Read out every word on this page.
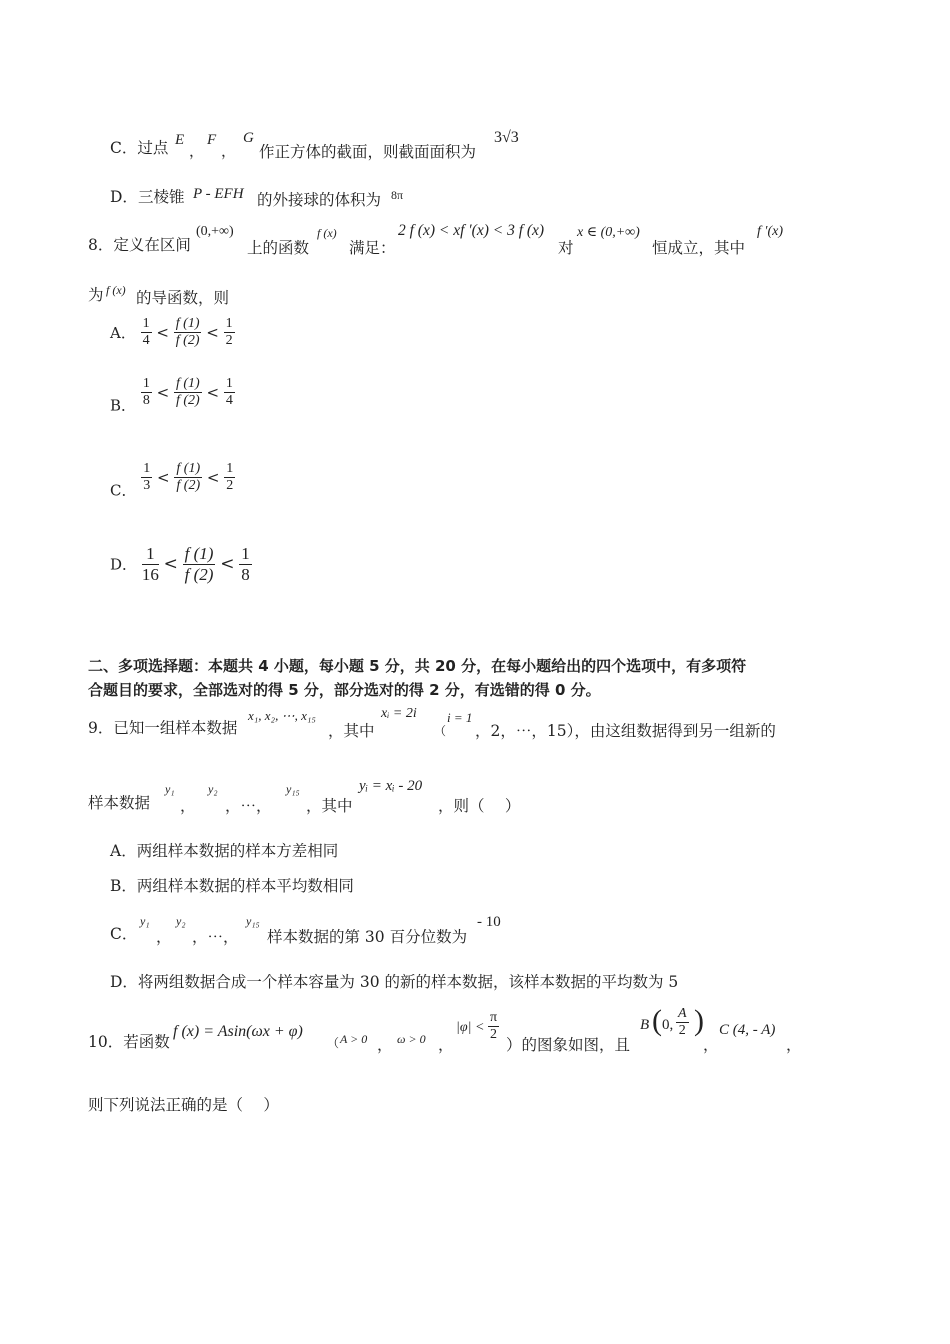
C．过点 E
，
F
，
G
作正方体的截面，则截面面积为
3√3
D．三棱锥 P - EFH 的外接球的体积为 8π
8．定义在区间
(0,+∞)
上的函数
f (x)
满足：
2 f (x) < xf ′(x) < 3 f (x)
对
x ∈ (0,+∞)
恒成立，其中
f ′(x)
为 f (x) 的导函数，则
A． $\frac{1}{4} < \frac{f (1)}{f (2)} < \frac{1}{2}$
B． $\frac{1}{8} < \frac{f (1)}{f (2)} < \frac{1}{4}$
C． $\frac{1}{3} < \frac{f (1)}{f (2)} < \frac{1}{2}$
D． $\frac{1}{16} < \frac{f (1)}{f (2)} < \frac{1}{8}$
二、多项选择题：本题共 4 小题，每小题 5 分，共 20 分，在每小题给出的四个选项中，有多项符
合题目的要求，全部选对的得 5 分，部分选对的得 2 分，有选错的得 0 分。
9．已知一组样本数据
x₁, x₂, ⋯, x₁₅
，其中
xᵢ = 2i
（
i = 1
，2，⋯，15），由这组数据得到另一组新的
样本数据
y₁
，
y₂
，⋯，
y₁₅
，其中
yᵢ = xᵢ - 20
，则（　 ）
A．两组样本数据的样本方差相同
B．两组样本数据的样本平均数相同
C．
y₁
，
y₂
，⋯，
y₁₅
样本数据的第 30 百分位数为
- 10
D．将两组数据合成一个样本容量为 30 的新的样本数据，该样本数据的平均数为 5
10．若函数
f (x) = Asin(ωx + φ)
（ A > 0 ， ω > 0 ，
$|\varphi| < \frac{\pi}{2}$
）的图象如图，且
B ( 0, $\frac{A}{2}$ )
，
C (4, - A)
，
则下列说法正确的是（　 ）
